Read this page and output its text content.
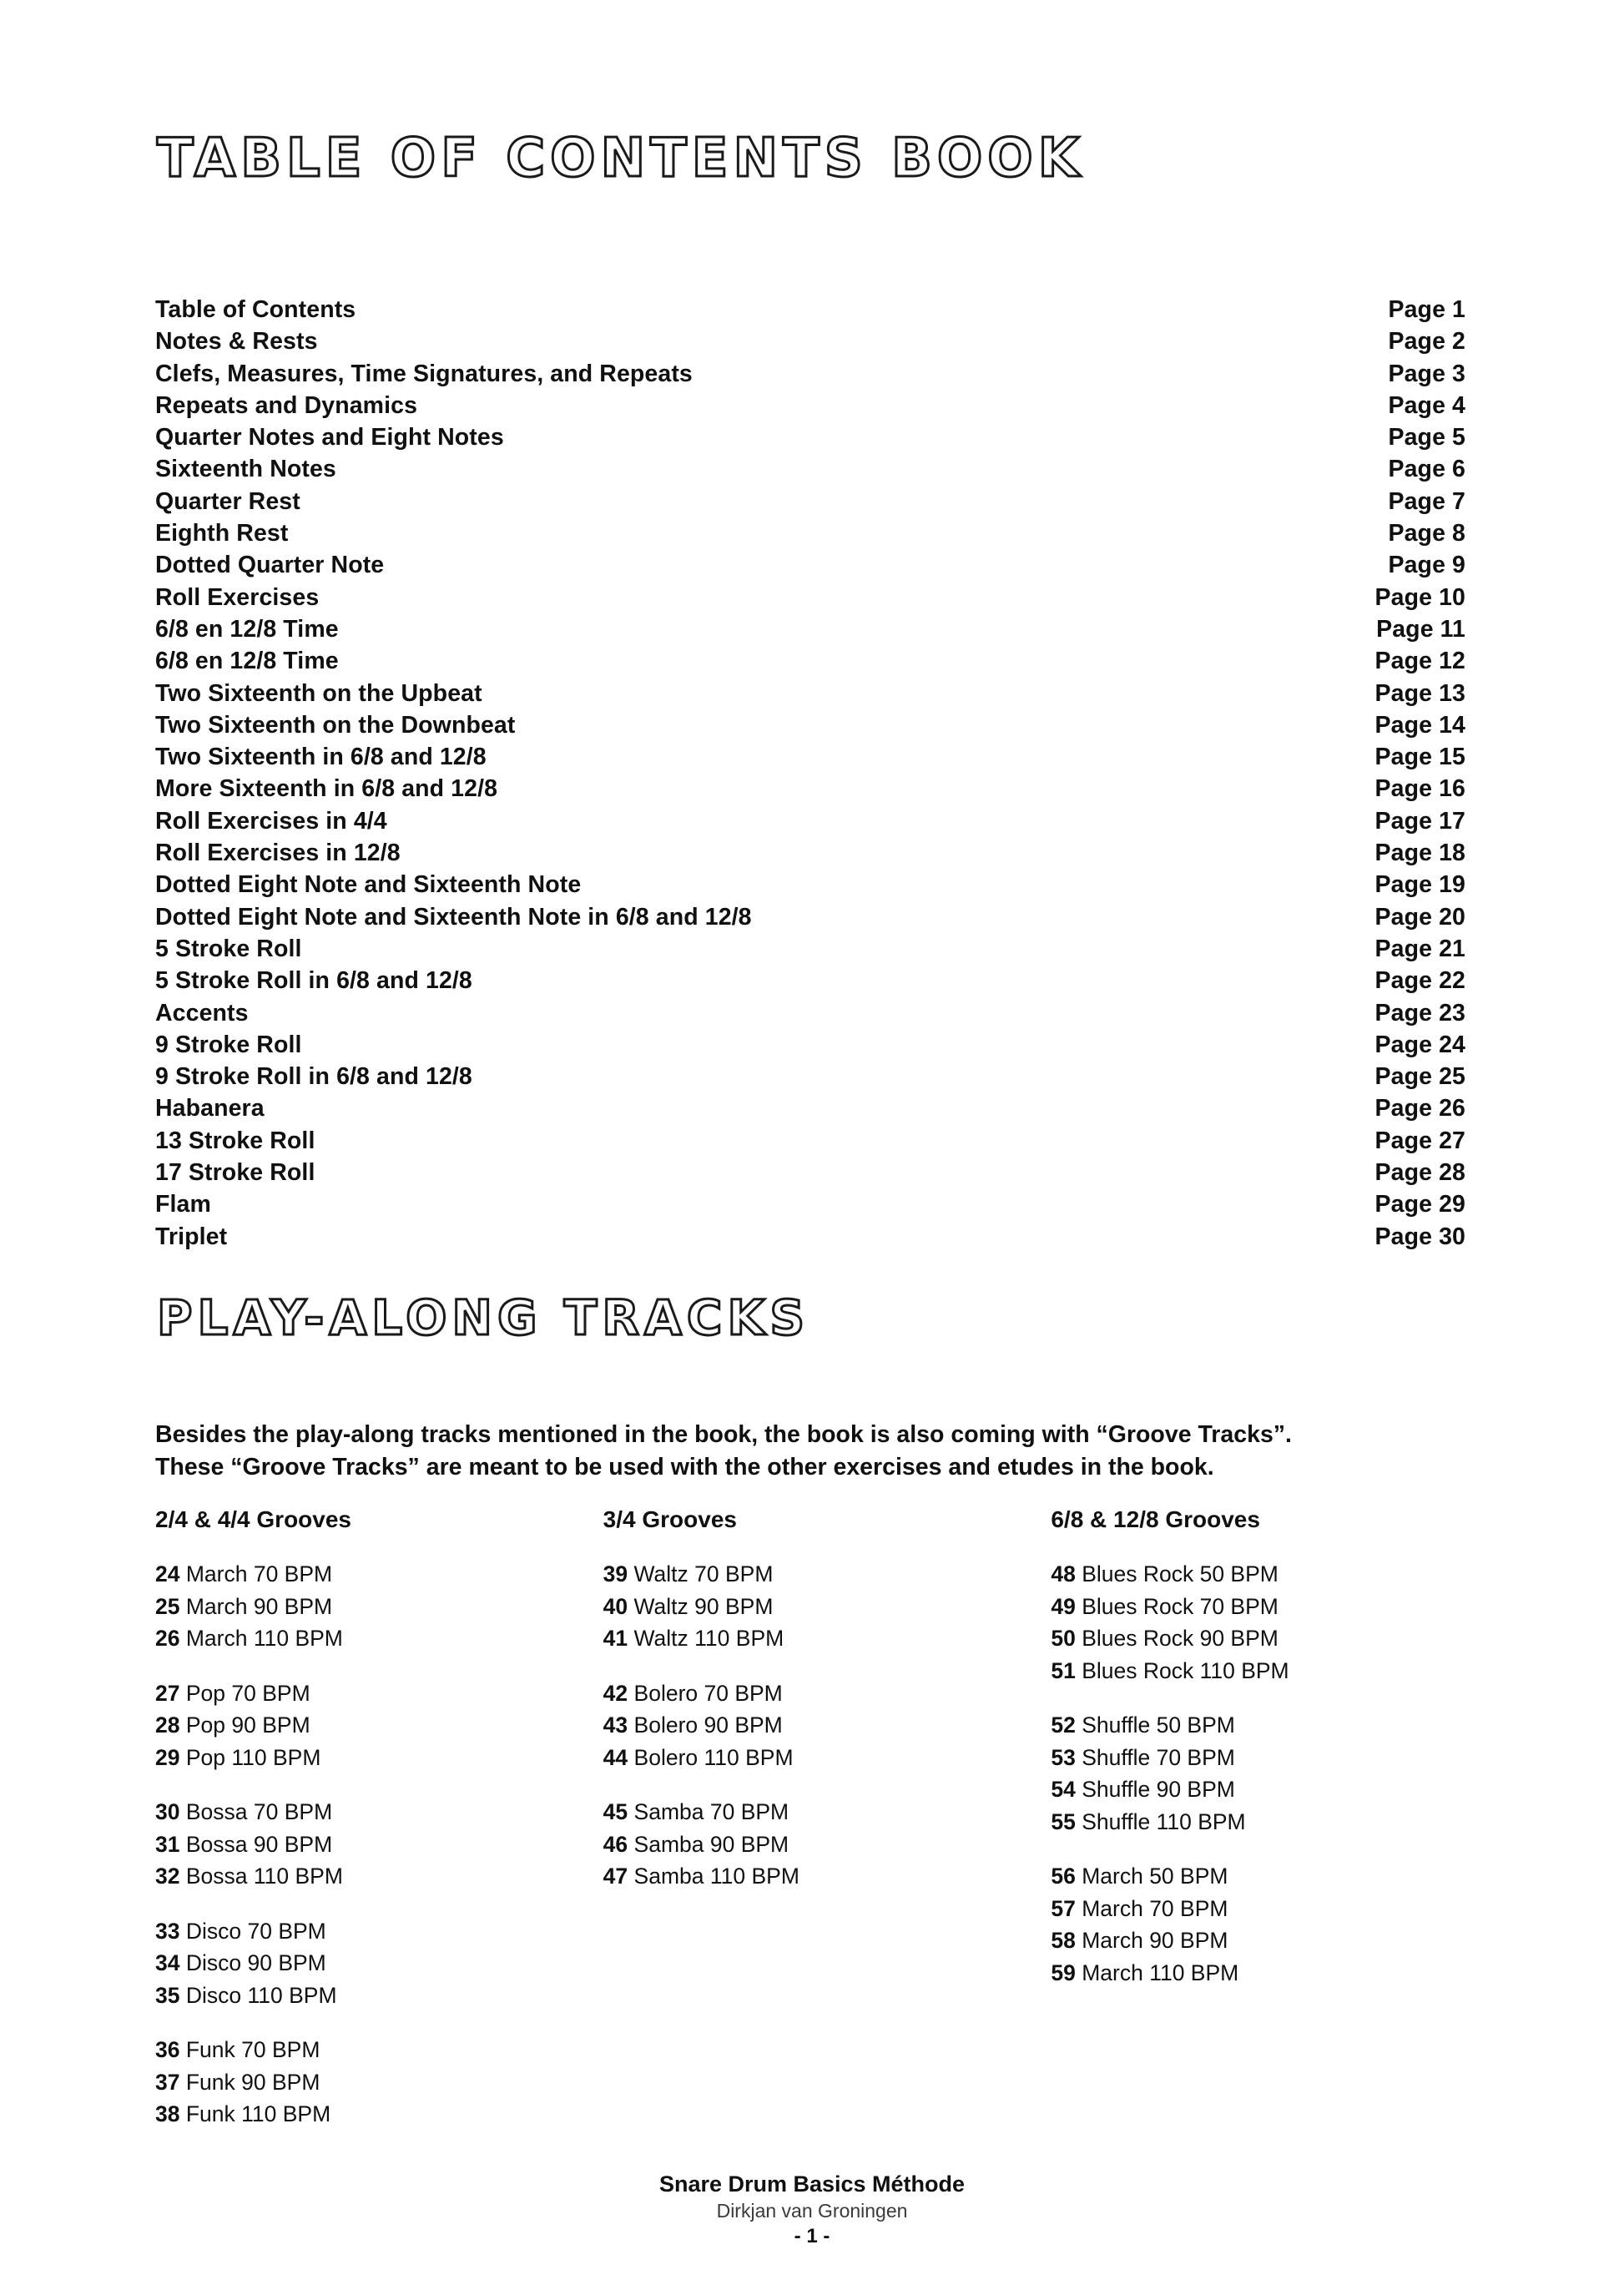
TABLE OF CONTENTS BOOK
Table of Contents	Page 1
Notes & Rests	Page 2
Clefs, Measures, Time Signatures, and Repeats	Page 3
Repeats and Dynamics	Page 4
Quarter Notes and Eight Notes	Page 5
Sixteenth Notes	Page 6
Quarter Rest	Page 7
Eighth Rest	Page 8
Dotted Quarter Note	Page 9
Roll Exercises	Page 10
6/8 en 12/8 Time	Page 11
6/8 en 12/8 Time	Page 12
Two Sixteenth on the Upbeat	Page 13
Two Sixteenth on the Downbeat	Page 14
Two Sixteenth in 6/8 and 12/8	Page 15
More Sixteenth in 6/8 and 12/8	Page 16
Roll Exercises in 4/4	Page 17
Roll Exercises in 12/8	Page 18
Dotted Eight Note and Sixteenth Note	Page 19
Dotted Eight Note and Sixteenth Note in 6/8 and 12/8	Page 20
5 Stroke Roll	Page 21
5 Stroke Roll in 6/8 and 12/8	Page 22
Accents	Page 23
9 Stroke Roll	Page 24
9 Stroke Roll in 6/8 and 12/8	Page 25
Habanera	Page 26
13 Stroke Roll	Page 27
17 Stroke Roll	Page 28
Flam	Page 29
Triplet	Page 30
PLAY-ALONG TRACKS
Besides the play-along tracks mentioned in the book, the book is also coming with “Groove Tracks”.
These “Groove Tracks” are meant to be used with the other exercises and etudes in the book.
2/4 & 4/4 Grooves
24 March 70 BPM
25 March 90 BPM
26 March 110 BPM
27 Pop 70 BPM
28 Pop 90 BPM
29 Pop 110 BPM
30 Bossa 70 BPM
31 Bossa 90 BPM
32 Bossa 110 BPM
33 Disco 70 BPM
34 Disco 90 BPM
35 Disco 110 BPM
36 Funk 70 BPM
37 Funk 90 BPM
38 Funk 110 BPM
3/4 Grooves
39 Waltz 70 BPM
40 Waltz 90 BPM
41 Waltz 110 BPM
42 Bolero 70 BPM
43 Bolero 90 BPM
44 Bolero 110 BPM
45 Samba 70 BPM
46 Samba 90 BPM
47 Samba 110 BPM
6/8 & 12/8 Grooves
48 Blues Rock 50 BPM
49 Blues Rock 70 BPM
50 Blues Rock 90 BPM
51 Blues Rock 110 BPM
52 Shuffle 50 BPM
53 Shuffle 70 BPM
54 Shuffle 90 BPM
55 Shuffle 110 BPM
56 March 50 BPM
57 March 70 BPM
58 March 90 BPM
59 March 110 BPM
Snare Drum Basics Méthode
Dirkjan van Groningen
- 1 -
